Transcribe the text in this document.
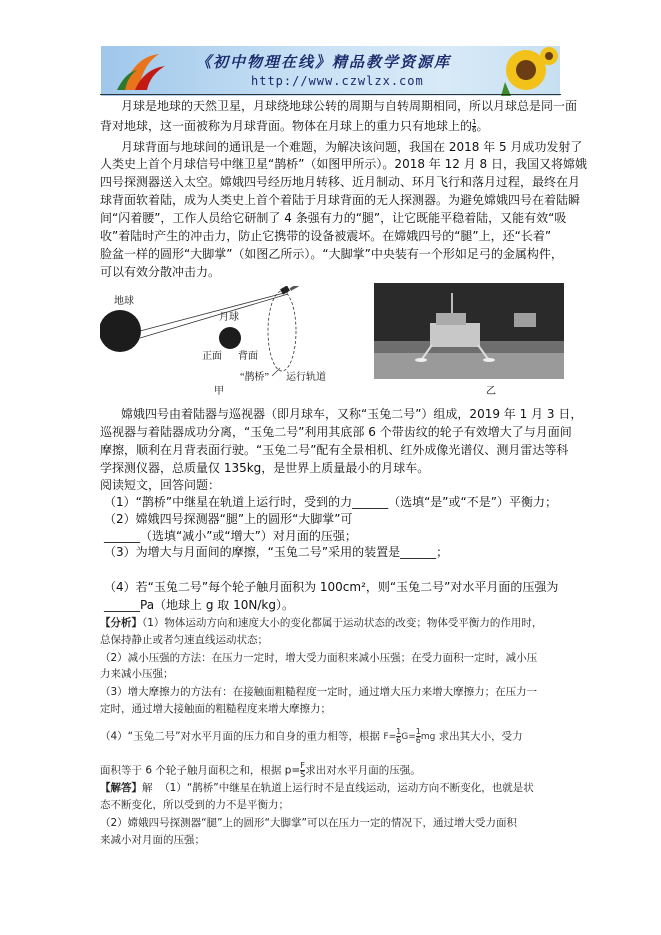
《初中物理在线》精品教学资源库
http://www.czwlzx.com
月球是地球的天然卫星，月球绕地球公转的周期与自转周期相同，所以月球总是同一面
背对地球，这一面被称为月球背面。物体在月球上的重力只有地球上的 $\frac{1}{6}$ 。
月球背面与地球间的通讯是一个难题，为解决该问题，我国在 2018 年 5 月成功发射了
人类史上首个月球信号中继卫星“鹊桥”（如图甲所示）。2018 年 12 月 8 日，我国又将嫦娥
四号探测器送入太空。嫦娥四号经历地月转移、近月制动、环月飞行和落月过程，最终在月
球背面软着陆，成为人类史上首个着陆于月球背面的无人探测器。为避免嫦娥四号在着陆瞬
间“闪着腰”，工作人员给它研制了 4 条强有力的“腿”，让它既能平稳着陆，又能有效“吸
收”着陆时产生的冲击力，防止它携带的设备被震坏。在嫦娥四号的“腿”上，还“长着”
脸盆一样的圆形“大脚掌”（如图乙所示）。“大脚掌”中央装有一个形如足弓的金属构件，
可以有效分散冲击力。
地球
月球
正面 背面
“鹊桥” 运行轨道
甲	乙
嫦娥四号由着陆器与巡视器（即月球车，又称“玉兔二号”）组成，2019 年 1 月 3 日，
巡视器与着陆器成功分离，“玉兔二号”利用其底部 6 个带齿纹的轮子有效增大了与月面间
摩擦，顺利在月背表面行驶。“玉兔二号”配有全景相机、红外成像光谱仪、测月雷达等科
学探测仪器，总质量仅 135kg，是世界上质量最小的月球车。
阅读短文，回答问题：
（1）“鹊桥”中继星在轨道上运行时，受到的力______（选填“是”或“不是”）平衡力；
（2）嫦娥四号探测器“腿”上的圆形“大脚掌”可
______（选填“减小”或“增大”）对月面的压强；
（3）为增大与月面间的摩擦，“玉兔二号”采用的装置是______；
（4）若“玉兔二号”每个轮子触月面积为 100cm²，则“玉兔二号”对水平月面的压强为
______Pa（地球上 g 取 10N/kg）。
【分析】（1）物体运动方向和速度大小的变化都属于运动状态的改变；物体受平衡力的作用时，
总保持静止或者匀速直线运动状态；
（2）减小压强的方法：在压力一定时，增大受力面积来减小压强；在受力面积一定时，减小压
力来减小压强；
（3）增大摩擦力的方法有：在接触面粗糙程度一定时，通过增大压力来增大摩擦力；在压力一
定时，通过增大接触面的粗糙程度来增大摩擦力；
（4）“玉兔二号”对水平月面的压力和自身的重力相等，根据 $F= \frac{1}{6} G= \frac{1}{6}$ mg 求出其大小，受力
面积等于 6 个轮子触月面积之和，根据 $p= \frac{F}{S}$ 求出对水平月面的压强。
【解答】解 （1）“鹊桥”中继星在轨道上运行时不是直线运动，运动方向不断变化，也就是状
态不断变化，所以受到的力不是平衡力；
（2）嫦娥四号探测器“腿”上的圆形“大脚掌”可以在压力一定的情况下，通过增大受力面积
来减小对月面的压强；
